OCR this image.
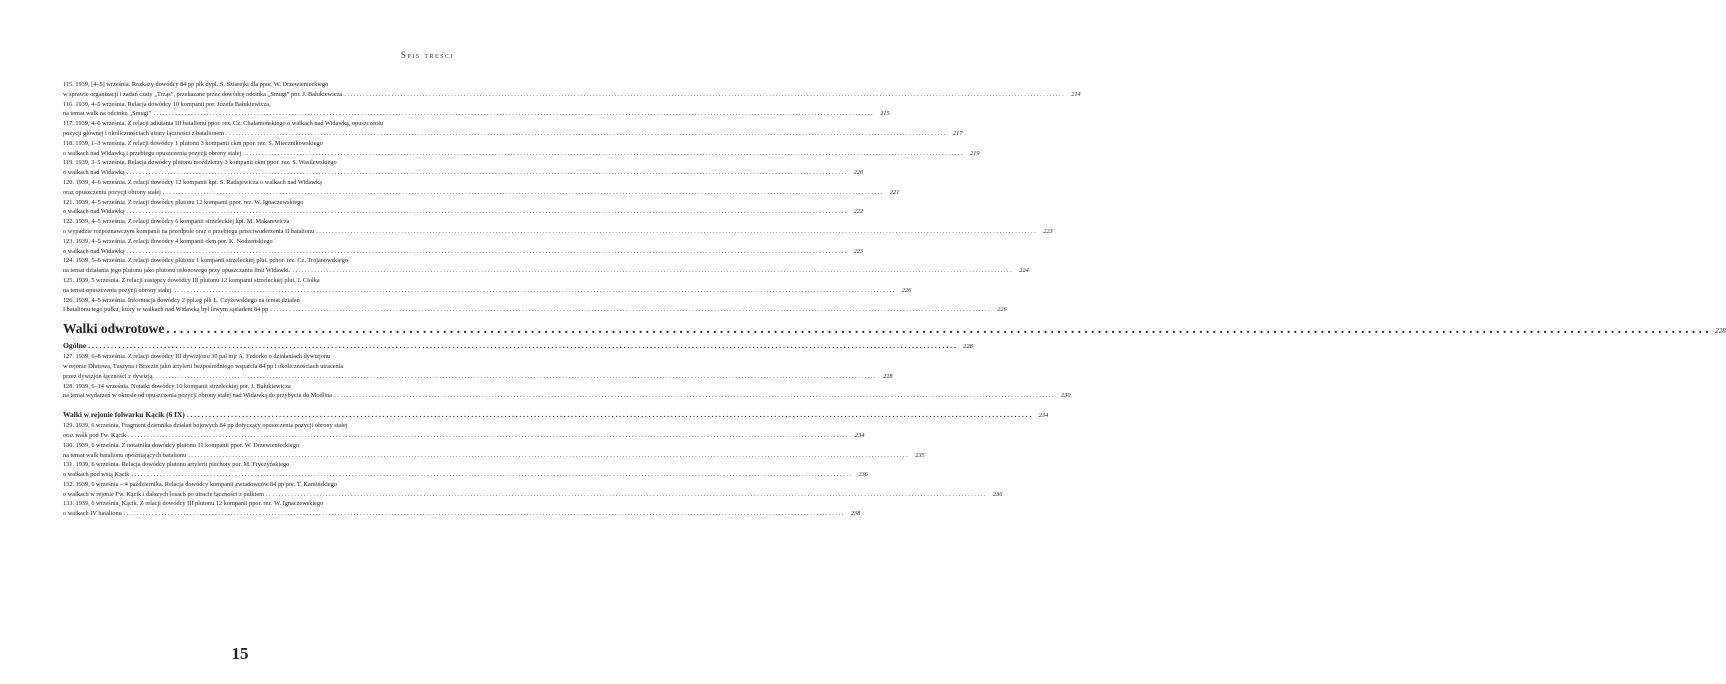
Spis treści
115. 1939, [4–5] września. Rozkazy dowódcy 84 pp płk dypl. S. Sztarejki dla ppor. W. Drzewienieckiego
w sprawie organizacji i zadań czaty „Trząs”, przekazane przez dowódcę odcinka „Smugi” por. J. Bałukiewicza . . .	214
116. 1939, 4–5 września. Relacja dowódcy 10 kompanii por. Józefa Bałukiewicza,
na temat walk na odcinku „Smugi” . . .	215
117. 1939, 4–6 września. Z relacji adiutanta III batalionu ppor. rez. Cz. Chałamońskiego o walkach nad Widawką, opuszczeniu
pozycji głównej i okolicznościach utraty łączności z batalionem . . .	217
118. 1939, 1–3 września. Z relacji dowódcy 1 plutonu 3 kompanii ckm ppor. rez. S. Miecznikowskiego
o walkach nad Widawką i przebiegu opuszczenia pozycji obrony stałej . . .	219
119. 1939, 3–5 września. Relacja dowódcy plutonu moździerzy 3 kompanii ckm ppor. rez. S. Wasilewskiego
o walkach nad Widawką . . .	220
120. 1939, 4–6 września. Z relacji dowódcy 12 kompanii kpt. S. Radajewicza o walkach nad Widawką
oraz opuszczeniu pozycji obrony stałej . . .	221
121. 1939, 4–5 września. Z relacji dowódcy plutonu 12 kompanii ppor. rez. W. Ignaczewskiego
o walkach nad Widawką . . .	222
122. 1939, 4–5 września. Z relacji dowódcy 6 kompanii strzeleckiej kpt. M. Makarewicza
o wypadzie rozpoznawczym kompanii na przedpole oraz o przebiegu przeciwuderzenia II batalionu . . .	223
123. 1939, 4–5 września. Z relacji dowódcy 4 kompanii ckm por. K. Nodzeńskiego
o walkach nad Widawką . . .	223
124. 1939, 5–6 września. Z relacji dowódcy plutonu 1 kompanii strzeleckiej plut. pchor. rez. Cz. Trojanowskiego
na temat działania jego plutonu jako plutonu osłonowego przy opuszczaniu linii Widawki. . . .	224
125. 1939, 5 września. Z relacji zastępcy dowódcy III plutonu 12 kompanii strzeleckiej plut. J. Ciołka
na temat opuszczenia pozycji obrony stałej. . . .	226
126. 1939, 4–5 września. Informacja dowódcy 2 ppl.eg płk L. Czyżewskiego na temat działań
I batalionu tego pułku, który w walkach nad Widawką był lewym sąsiadem 84 pp . . .	226
Walki odwrotowe . . .	228
Ogólne . . .	228
127. 1939, 6–8 września. Z relacji dowódcy III dywizjonu 30 pal mjr A. Fedorko o działaniach dywizjonu
w rejonie Dłutowa, Tuszyna i Brzezin jako artylerii bezpośredniego wsparcia 84 pp i okolicznościach utracenia
przez dywizjon łączności z dywizją. . . .	228
128. 1939, 6–14 września. Notatki dowódcy 10 kompanii strzeleckiej por. J. Bałukiewicza
na temat wydarzeń w okresie od opuszczenia pozycji obrony stałej nad Widawką do przybycia do Modlina . . .	230
Walki w rejonie folwarku Kącik (6 IX) . . .	234
129. 1939, 6 września. Fragment dziennika działań bojowych 84 pp dotyczący opuszczenia pozycji obrony stałej
oraz walk pod Fw. Kącik . . .	234
130. 1939, 6 września. Z notatnika dowódcy plutonu 11 kompanii ppor. W. Drzewienieckiego
na temat walk batalionu opóźniających batalionu . . .	235
131. 1939, 6 września. Relacja dowódcy plutonu artylerii piechoty por. M. Fryczyńskiego
o walkach pod wsią Kącik . . .	236
132. 1939, 6 września – 4 października. Relacja dowódcy kompanii zwiadowców 84 pp por. T. Kamińskiego
o walkach w rejonie Fw. Kącik i dalszych losach po utracie łączności z pułkiem . . .	236
133. 1939, 6 września, Kącik. Z relacji dowódcy III plutonu 12 kompanii ppor. rez. W. Ignaczewskiego
o walkach IV batalionu . . .	238
15
